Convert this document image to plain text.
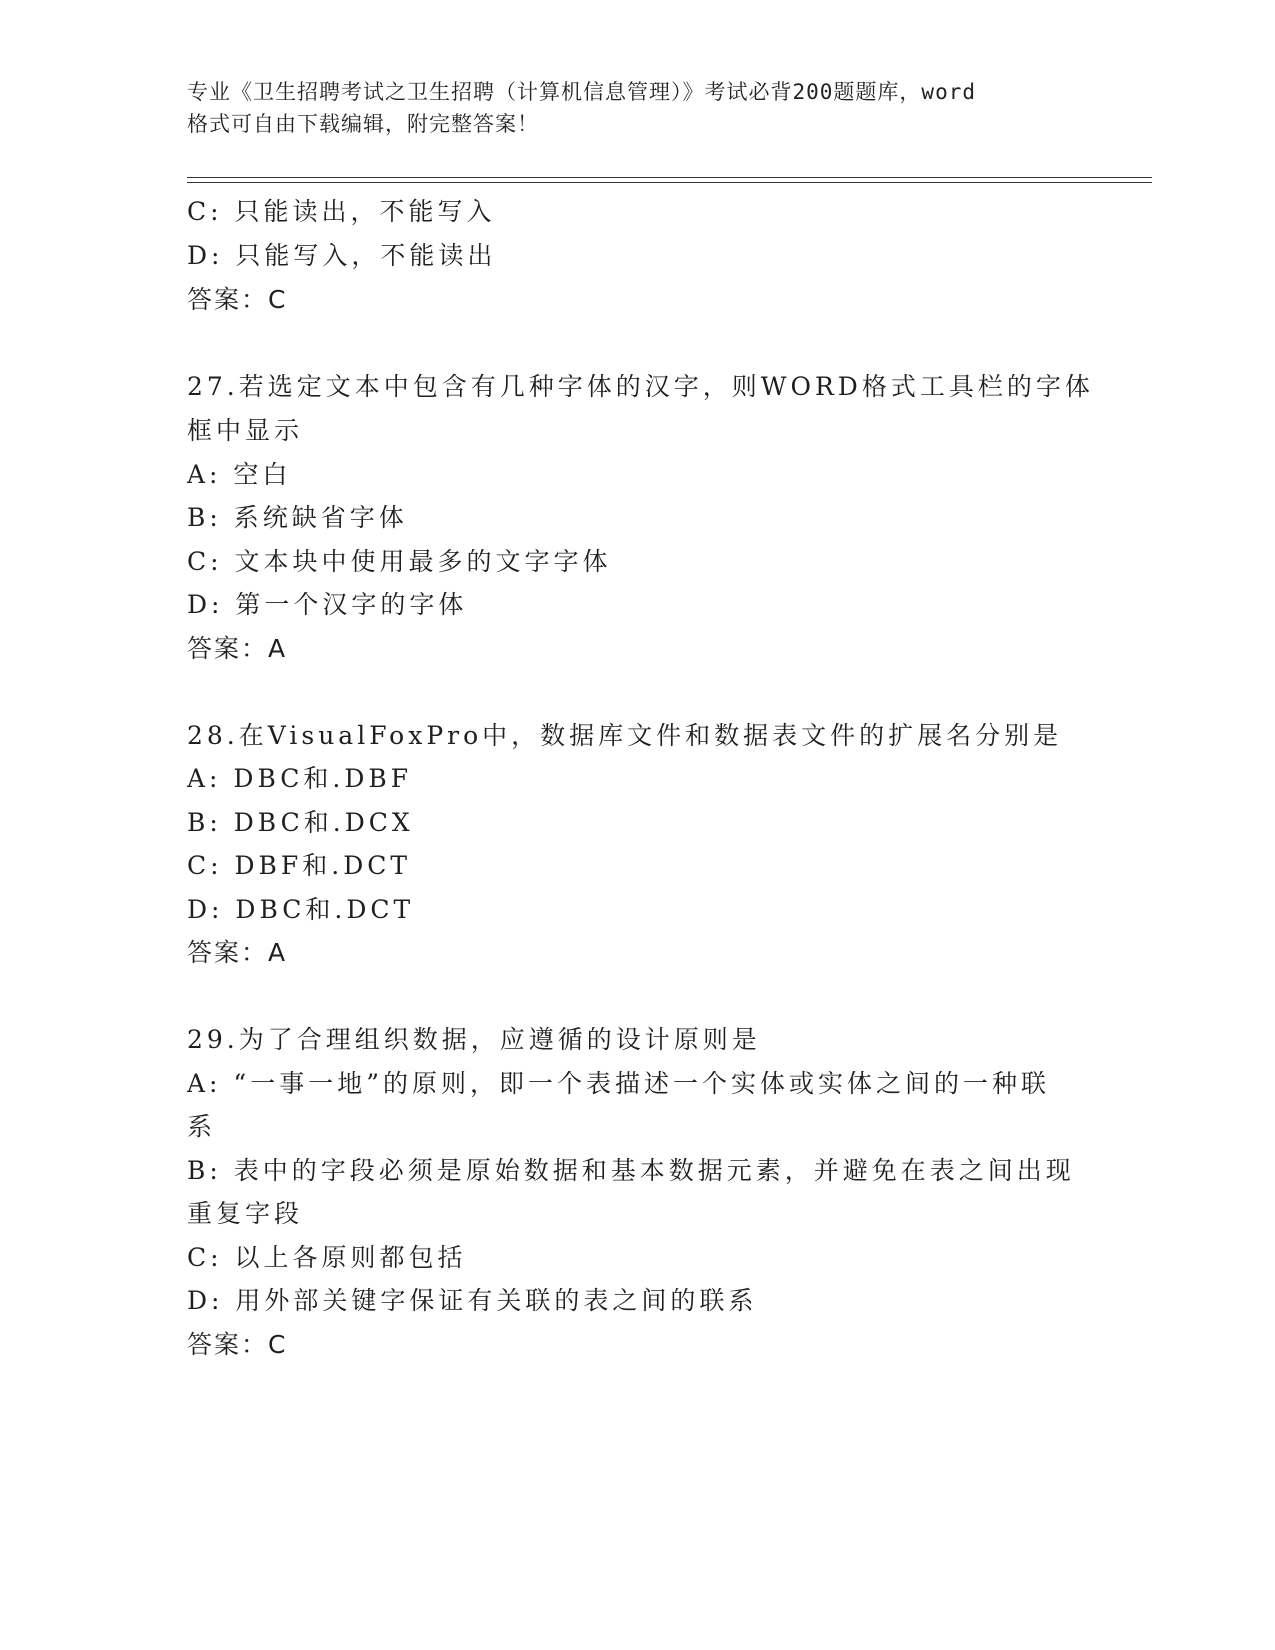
专业《卫生招聘考试之卫生招聘（计算机信息管理）》考试必背200题题库，word
格式可自由下载编辑，附完整答案！
C: 只能读出，不能写入
D: 只能写入，不能读出
答案：C
27.若选定文本中包含有几种字体的汉字，则WORD格式工具栏的字体
框中显示
A: 空白
B: 系统缺省字体
C: 文本块中使用最多的文字字体
D: 第一个汉字的字体
答案：A
28.在VisualFoxPro中，数据库文件和数据表文件的扩展名分别是
A: DBC和.DBF
B: DBC和.DCX
C: DBF和.DCT
D: DBC和.DCT
答案：A
29.为了合理组织数据，应遵循的设计原则是
A: “一事一地”的原则，即一个表描述一个实体或实体之间的一种联
系
B: 表中的字段必须是原始数据和基本数据元素，并避免在表之间出现
重复字段
C: 以上各原则都包括
D: 用外部关键字保证有关联的表之间的联系
答案：C
